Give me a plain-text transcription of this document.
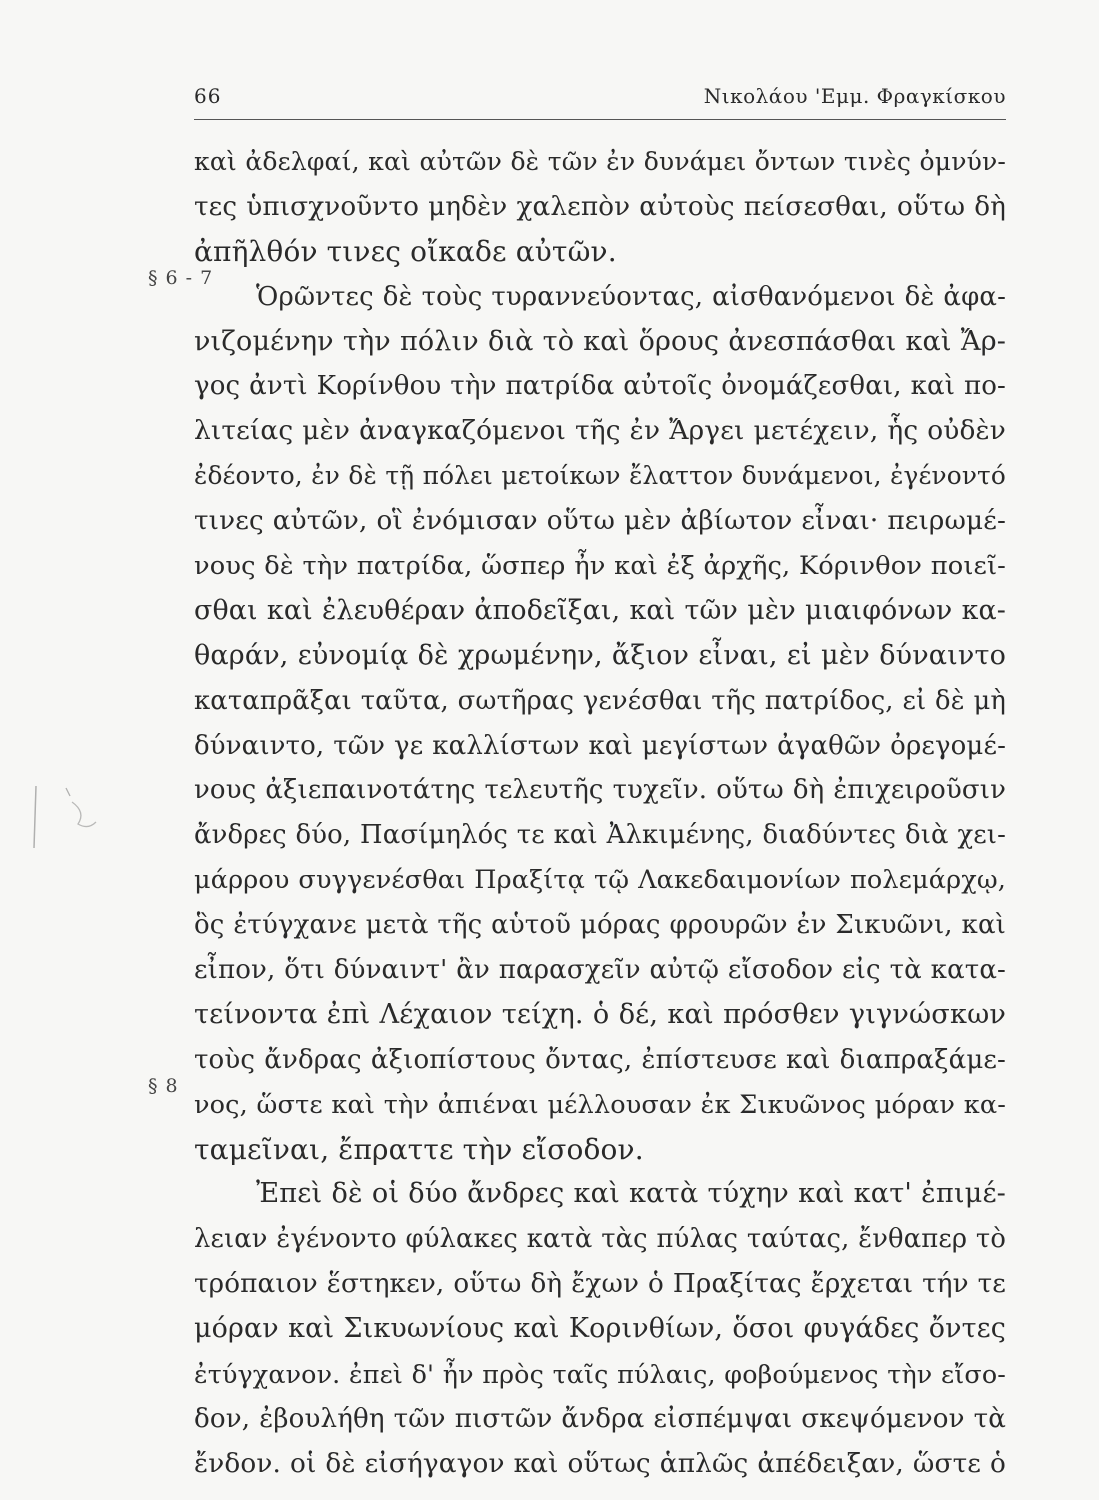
66	Νικολάου 'Εμμ. Φραγκίσκου
§ 6 - 7
§ 8
καὶ ἀδελφαί, καὶ αὐτῶν δὲ τῶν ἐν δυνάμει ὄντων τινὲς ὀμνύν-
τες ὑπισχνοῦντο μηδὲν χαλεπὸν αὐτοὺς πείσεσθαι, οὕτω δὴ
ἀπῆλθόν τινες οἴκαδε αὐτῶν.
Ὁρῶντες δὲ τοὺς τυραννεύοντας, αἰσθανόμενοι δὲ ἀφα-
νιζομένην τὴν πόλιν διὰ τὸ καὶ ὅρους ἀνεσπάσθαι καὶ Ἄρ-
γος ἀντὶ Κορίνθου τὴν πατρίδα αὐτοῖς ὀνομάζεσθαι, καὶ πο-
λιτείας μὲν ἀναγκαζόμενοι τῆς ἐν Ἄργει μετέχειν, ἧς οὐδὲν
ἐδέοντο, ἐν δὲ τῇ πόλει μετοίκων ἔλαττον δυνάμενοι, ἐγένοντό
τινες αὐτῶν, οἳ ἐνόμισαν οὕτω μὲν ἀβίωτον εἶναι· πειρωμέ-
νους δὲ τὴν πατρίδα, ὥσπερ ἦν καὶ ἐξ ἀρχῆς, Κόρινθον ποιεῖ-
σθαι καὶ ἐλευθέραν ἀποδεῖξαι, καὶ τῶν μὲν μιαιφόνων κα-
θαράν, εὐνομίᾳ δὲ χρωμένην, ἄξιον εἶναι, εἰ μὲν δύναιντο
καταπρᾶξαι ταῦτα, σωτῆρας γενέσθαι τῆς πατρίδος, εἰ δὲ μὴ
δύναιντο, τῶν γε καλλίστων καὶ μεγίστων ἀγαθῶν ὀρεγομέ-
νους ἀξιεπαινοτάτης τελευτῆς τυχεῖν. οὕτω δὴ ἐπιχειροῦσιν
ἄνδρες δύο, Πασίμηλός τε καὶ Ἀλκιμένης, διαδύντες διὰ χει-
μάρρου συγγενέσθαι Πραξίτᾳ τῷ Λακεδαιμονίων πολεμάρχῳ,
ὃς ἐτύγχανε μετὰ τῆς αὑτοῦ μόρας φρουρῶν ἐν Σικυῶνι, καὶ
εἶπον, ὅτι δύναιντ' ἂν παρασχεῖν αὐτῷ εἴσοδον εἰς τὰ κατα-
τείνοντα ἐπὶ Λέχαιον τείχη. ὁ δέ, καὶ πρόσθεν γιγνώσκων
τοὺς ἄνδρας ἀξιοπίστους ὄντας, ἐπίστευσε καὶ διαπραξάμε-
νος, ὥστε καὶ τὴν ἀπιέναι μέλλουσαν ἐκ Σικυῶνος μόραν κα-
ταμεῖναι, ἔπραττε τὴν εἴσοδον.
Ἐπεὶ δὲ οἱ δύο ἄνδρες καὶ κατὰ τύχην καὶ κατ' ἐπιμέ-
λειαν ἐγένοντο φύλακες κατὰ τὰς πύλας ταύτας, ἔνθαπερ τὸ
τρόπαιον ἕστηκεν, οὕτω δὴ ἔχων ὁ Πραξίτας ἔρχεται τήν τε
μόραν καὶ Σικυωνίους καὶ Κορινθίων, ὅσοι φυγάδες ὄντες
ἐτύγχανον. ἐπεὶ δ' ἦν πρὸς ταῖς πύλαις, φοβούμενος τὴν εἴσο-
δον, ἐβουλήθη τῶν πιστῶν ἄνδρα εἰσπέμψαι σκεψόμενον τὰ
ἔνδον. οἱ δὲ εἰσήγαγον καὶ οὕτως ἁπλῶς ἀπέδειξαν, ὥστε ὁ
